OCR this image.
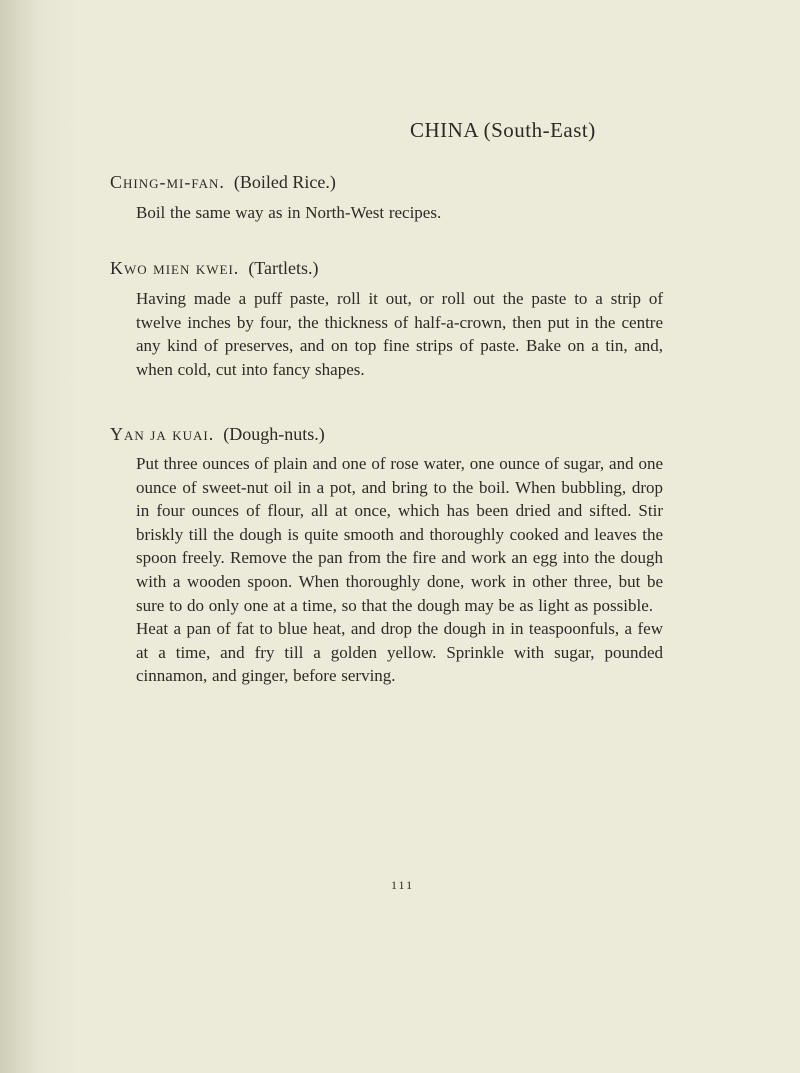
CHINA (South-East)
Ching-mi-fan. (Boiled Rice.)

Boil the same way as in North-West recipes.

Kwo mien kwei. (Tartlets.)

Having made a puff paste, roll it out, or roll out the paste to a strip of twelve inches by four, the thickness of half-a-crown, then put in the centre any kind of preserves, and on top fine strips of paste. Bake on a tin, and, when cold, cut into fancy shapes.

Yan ja kuai. (Dough-nuts.)

Put three ounces of plain and one of rose water, one ounce of sugar, and one ounce of sweet-nut oil in a pot, and bring to the boil. When bubbling, drop in four ounces of flour, all at once, which has been dried and sifted. Stir briskly till the dough is quite smooth and thoroughly cooked and leaves the spoon freely. Remove the pan from the fire and work an egg into the dough with a wooden spoon. When thoroughly done, work in other three, but be sure to do only one at a time, so that the dough may be as light as possible.

Heat a pan of fat to blue heat, and drop the dough in in teaspoonfuls, a few at a time, and fry till a golden yellow. Sprinkle with sugar, pounded cinnamon, and ginger, before serving.

111
